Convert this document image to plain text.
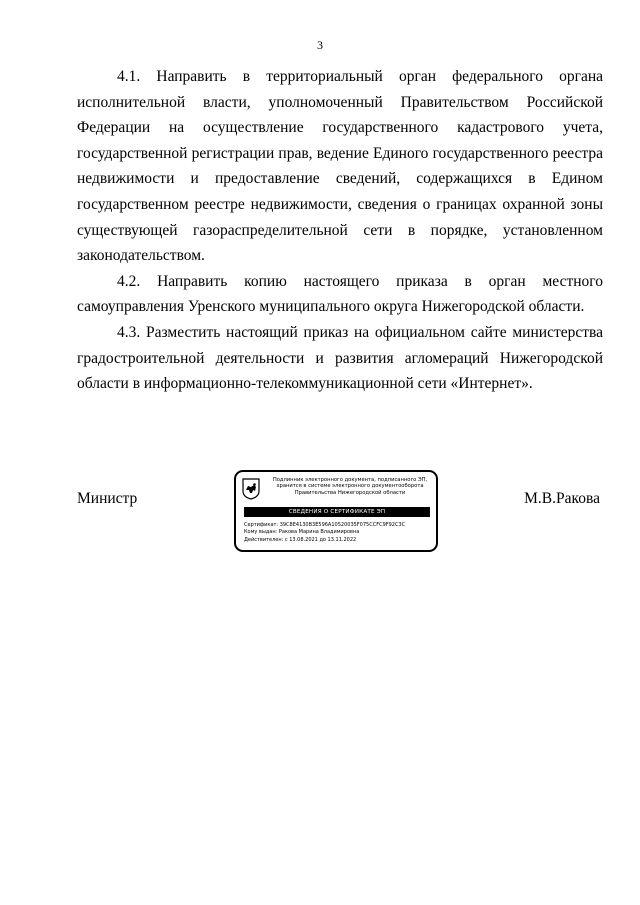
3

4.1. Направить в территориальный орган федерального органа исполнительной власти, уполномоченный Правительством Российской Федерации на осуществление государственного кадастрового учета, государственной регистрации прав, ведение Единого государственного реестра недвижимости и предоставление сведений, содержащихся в Едином государственном реестре недвижимости, сведения о границах охранной зоны существующей газораспределительной сети в порядке, установленном законодательством.

4.2. Направить копию настоящего приказа в орган местного самоуправления Уренского муниципального округа Нижегородской области.

4.3. Разместить настоящий приказ на официальном сайте министерства градостроительной деятельности и развития агломераций Нижегородской области в информационно-телекоммуникационной сети «Интернет».

Министр
Подлинник электронного документа, подписанного ЭП,
хранится в системе электронного документооборота
Правительства Нижегородской области
СВЕДЕНИЯ О СЕРТИФИКАТЕ ЭП
Сертификат: 39C8E4130B3E596A10520035F075CCFC9F92C3C
Кому выдан: Ракова Марина Владимировна
Действителен: с 13.08.2021 до 13.11.2022
М.В.Ракова
